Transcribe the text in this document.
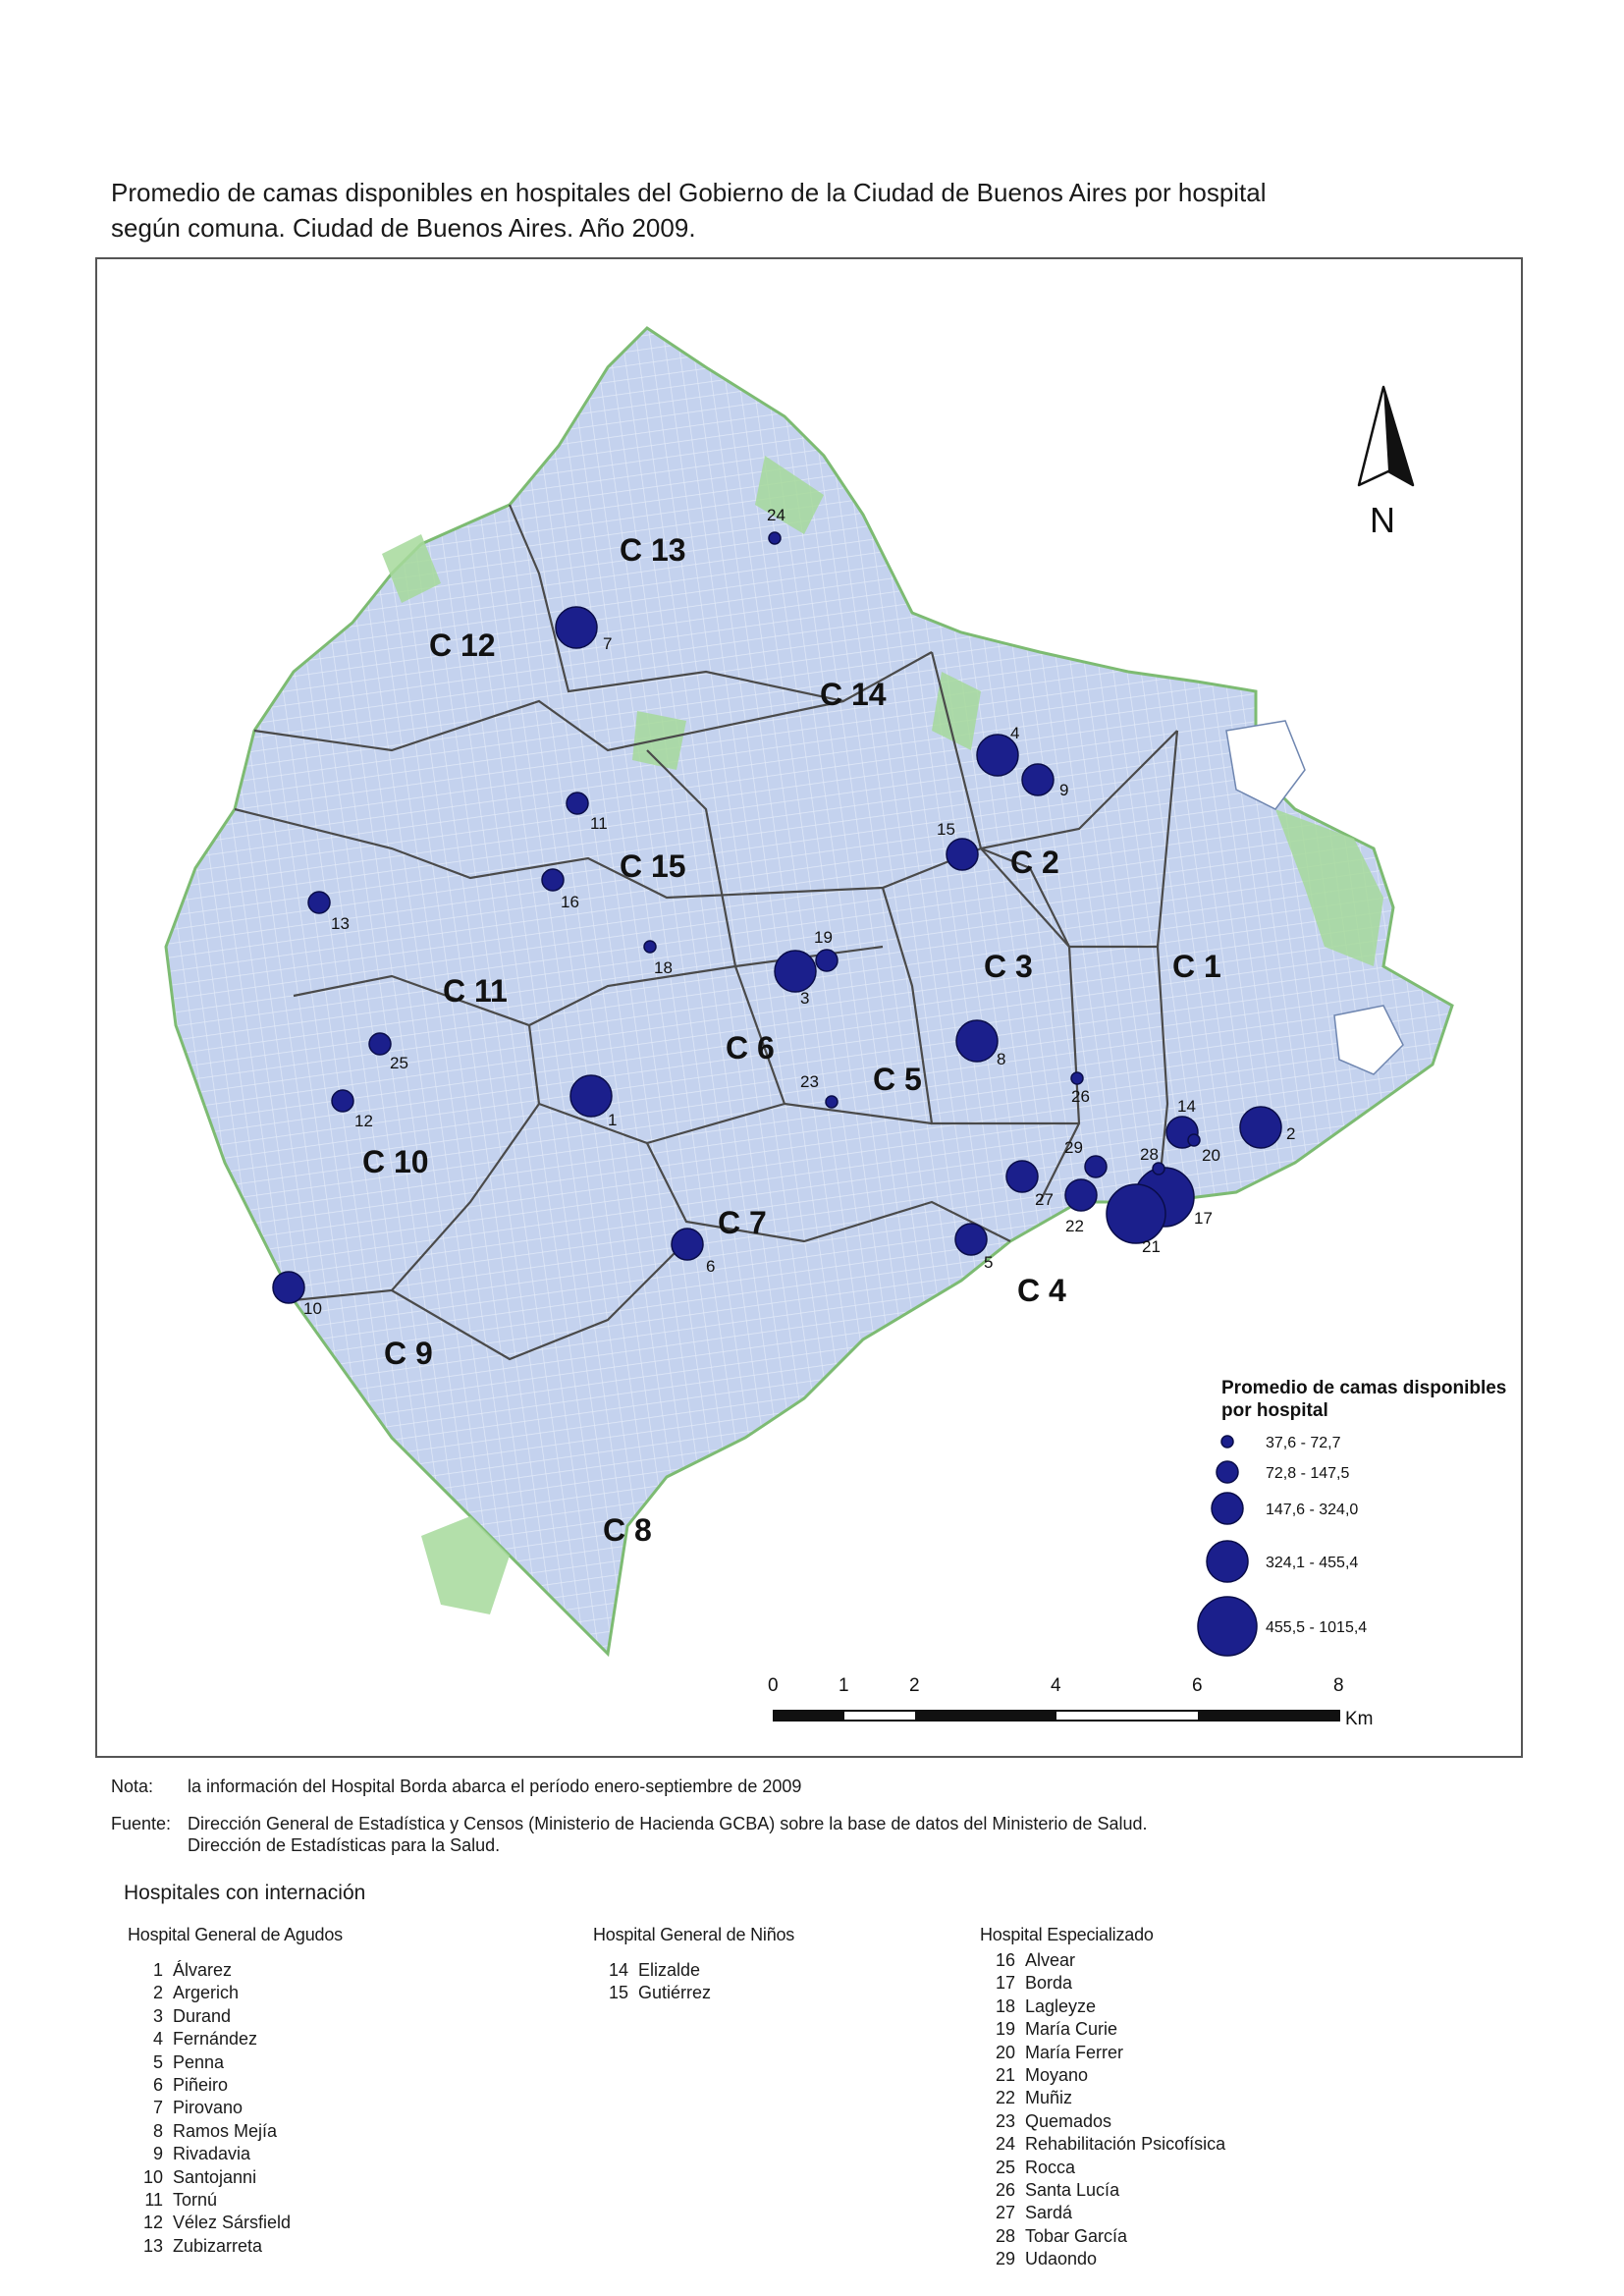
Promedio de camas disponibles en hospitales del Gobierno de la Ciudad de Buenos Aires por hospital
según comuna. Ciudad de Buenos Aires. Año 2009.
C 1
C 2
C 3
C 4
C 5
C 6
C 7
C 8
C 9
C 10
C 11
C 12
C 13
C 14
C 15
1
2
3
4
5
6
7
8
9
10
11
12
13
14
15
16
17
18
19
20
21
22
23
24
25
26
27
28
29
N
Promedio de camas disponibles
por hospital
37,6 - 72,7
72,8 - 147,5
147,6 - 324,0
324,1 - 455,4
455,5 - 1015,4
0	1	2	4	6	8
Km
Nota: la información del Hospital Borda abarca el período enero-septiembre de 2009
Fuente: Dirección General de Estadística y Censos (Ministerio de Hacienda GCBA) sobre la base de datos del Ministerio de Salud.
Dirección de Estadísticas para la Salud.
Hospitales con internación
Hospital General de Agudos
1 Álvarez
2 Argerich
3 Durand
4 Fernández
5 Penna
6 Piñeiro
7 Pirovano
8 Ramos Mejía
9 Rivadavia
10 Santojanni
11 Tornú
12 Vélez Sársfield
13 Zubizarreta
Hospital General de Niños
14 Elizalde
15 Gutiérrez
Hospital Especializado
16 Alvear
17 Borda
18 Lagleyze
19 María Curie
20 María Ferrer
21 Moyano
22 Muñiz
23 Quemados
24 Rehabilitación Psicofísica
25 Rocca
26 Santa Lucía
27 Sardá
28 Tobar García
29 Udaondo
